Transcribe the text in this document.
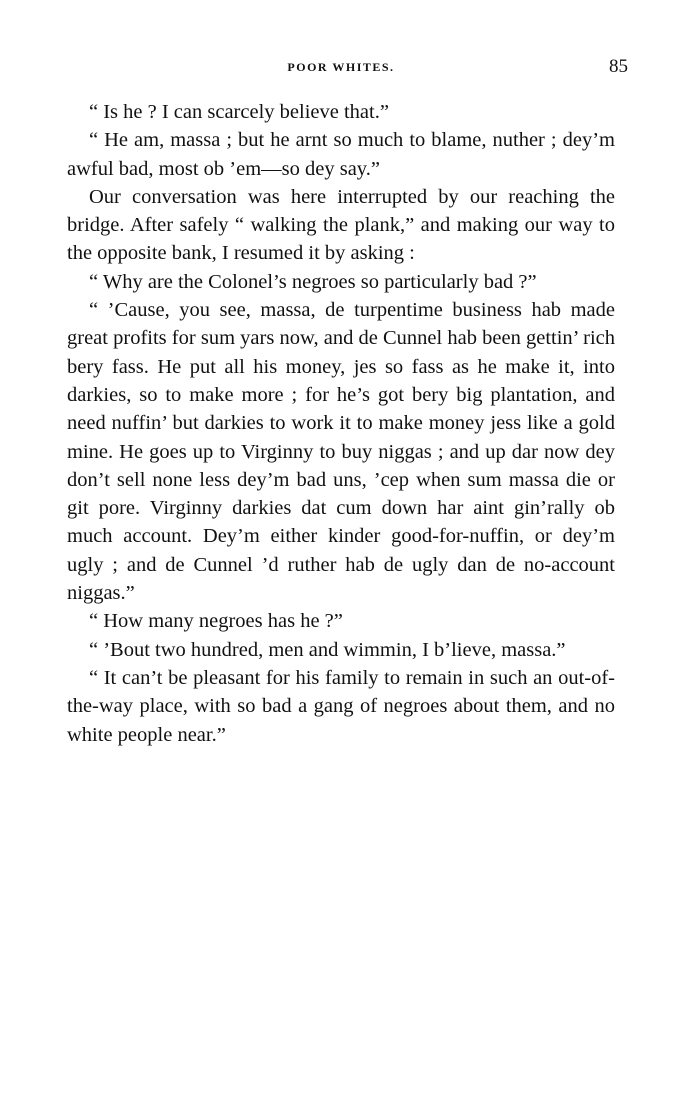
POOR WHITES.	85

“ Is he ? I can scarcely believe that.”

“ He am, massa ; but he arnt so much to blame, nuther ; dey’m awful bad, most ob ’em—so dey say.”

Our conversation was here interrupted by our reaching the bridge. After safely “ walking the plank,” and making our way to the opposite bank, I resumed it by asking :

“ Why are the Colonel’s negroes so particularly bad ?”

“ ’Cause, you see, massa, de turpentime business hab made great profits for sum yars now, and de Cunnel hab been gettin’ rich bery fass. He put all his money, jes so fass as he make it, into darkies, so to make more ; for he’s got bery big plantation, and need nuffin’ but darkies to work it to make money jess like a gold mine. He goes up to Virginny to buy niggas ; and up dar now dey don’t sell none less dey’m bad uns, ’cep when sum massa die or git pore. Virginny darkies dat cum down har aint gin’rally ob much account. Dey’m either kinder good-for-nuffin, or dey’m ugly ; and de Cunnel ’d ruther hab de ugly dan de no-account niggas.”

“ How many negroes has he ?”

“ ’Bout two hundred, men and wimmin, I b’lieve, massa.”

“ It can’t be pleasant for his family to remain in such an out-of-the-way place, with so bad a gang of negroes about them, and no white people near.”
